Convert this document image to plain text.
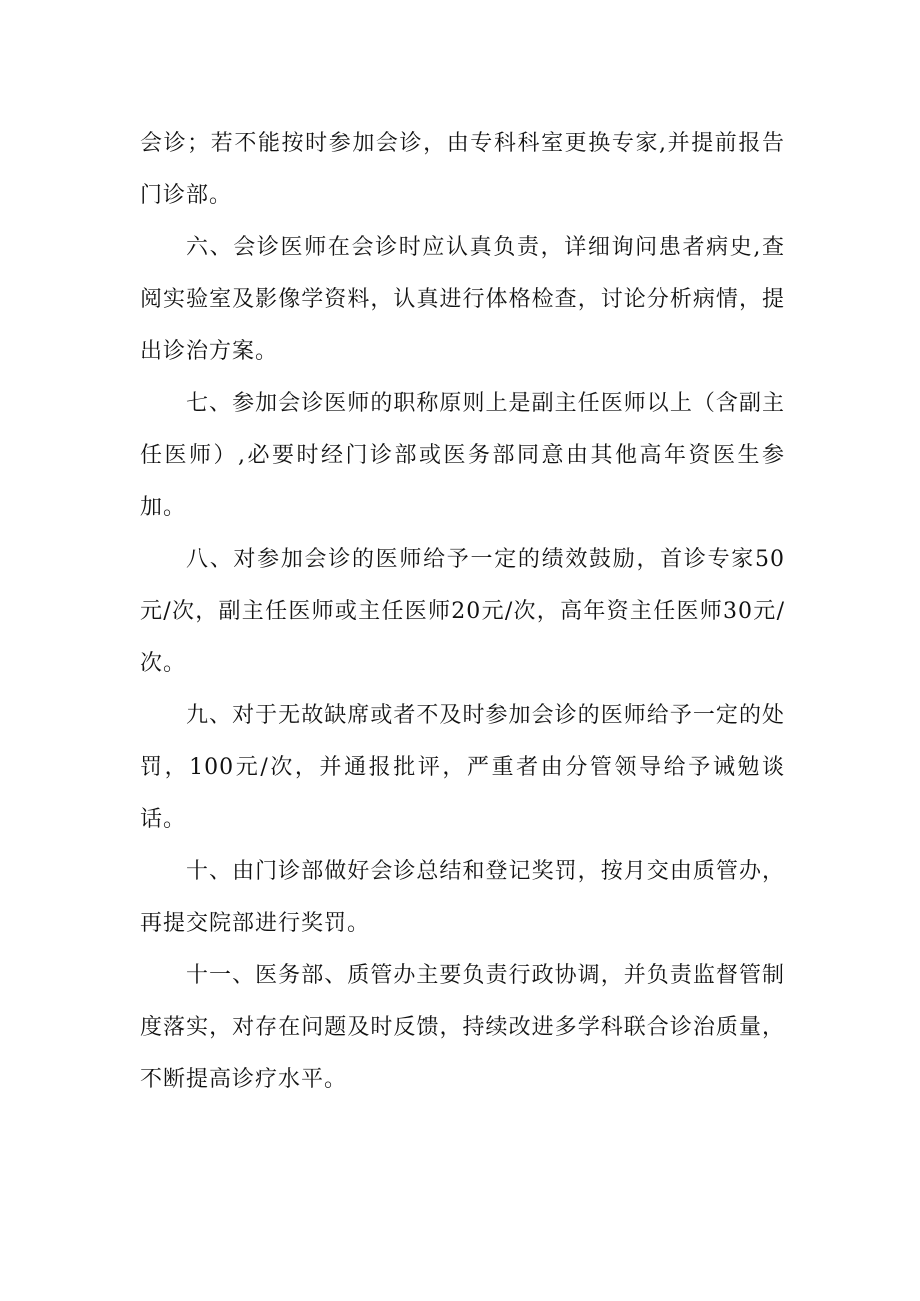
会诊；若不能按时参加会诊，由专科科室更换专家,并提前报告门诊部。

六、会诊医师在会诊时应认真负责，详细询问患者病史,查阅实验室及影像学资料，认真进行体格检查，讨论分析病情，提出诊治方案。

七、参加会诊医师的职称原则上是副主任医师以上（含副主任医师）,必要时经门诊部或医务部同意由其他高年资医生参加。

八、对参加会诊的医师给予一定的绩效鼓励，首诊专家50元/次，副主任医师或主任医师20元/次，高年资主任医师30元/次。

九、对于无故缺席或者不及时参加会诊的医师给予一定的处罚，100元/次，并通报批评，严重者由分管领导给予诫勉谈话。

十、由门诊部做好会诊总结和登记奖罚，按月交由质管办，再提交院部进行奖罚。

十一、医务部、质管办主要负责行政协调，并负责监督管制度落实，对存在问题及时反馈，持续改进多学科联合诊治质量，不断提高诊疗水平。
